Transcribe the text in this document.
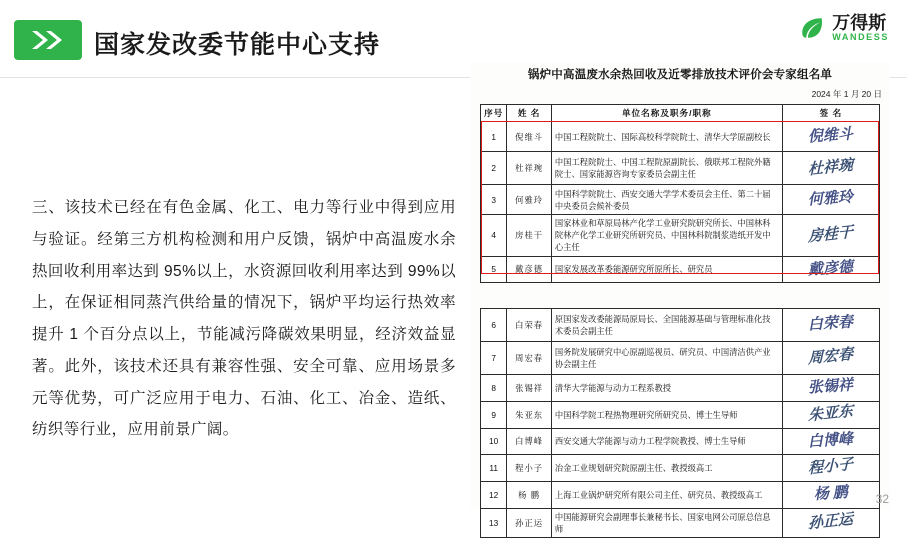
国家发改委节能中心支持
万得斯
WANDESS
三、该技术已经在有色金属、化工、电力等行业中得到应用与验证。经第三方机构检测和用户反馈，锅炉中高温废水余热回收利用率达到 95%以上，水资源回收利用率达到 99%以上，在保证相同蒸汽供给量的情况下，锅炉平均运行热效率提升 1 个百分点以上，节能减污降碳效果明显，经济效益显著。此外，该技术还具有兼容性强、安全可靠、应用场景多元等优势，可广泛应用于电力、石油、化工、冶金、造纸、纺织等行业，应用前景广阔。
锅炉中高温废水余热回收及近零排放技术评价会专家组名单
2024 年 1 月 20 日
序号	姓 名	单位名称及职务/职称	签 名
1	倪维斗	中国工程院院士、国际高校科学院院士、清华大学原副校长	倪维斗
2	杜祥琬	中国工程院院士、中国工程院原副院长、俄联邦工程院外籍院士、国家能源咨询专家委员会副主任	杜祥琬
3	何雅玲	中国科学院院士、西安交通大学学术委员会主任、第二十届中央委员会候补委员	何雅玲
4	房桂干	国家林业和草原局林产化学工业研究院研究所长、中国林科院林产化学工业研究所研究员、中国林科院制浆造纸开发中心主任	房桂干
5	戴彦德	国家发展改革委能源研究所原所长、研究员	戴彦德
6	白荣春	原国家发改委能源局原局长、全国能源基础与管理标准化技术委员会副主任	白荣春
7	周宏春	国务院发展研究中心原副巡视员、研究员、中国清洁供产业协会副主任	周宏春
8	张锡祥	清华大学能源与动力工程系教授	张锡祥
9	朱亚东	中国科学院工程热物理研究所研究员、博士生导师	朱亚东
10	白博峰	西安交通大学能源与动力工程学院教授、博士生导师	白博峰
11	程小子	冶金工业规划研究院原副主任、教授级高工	程小子
12	杨 鹏	上海工业锅炉研究所有限公司主任、研究员、教授级高工	杨 鹏
13	孙正运	中国能源研究会副理事长兼秘书长、国家电网公司原总信息师	孙正运
32
